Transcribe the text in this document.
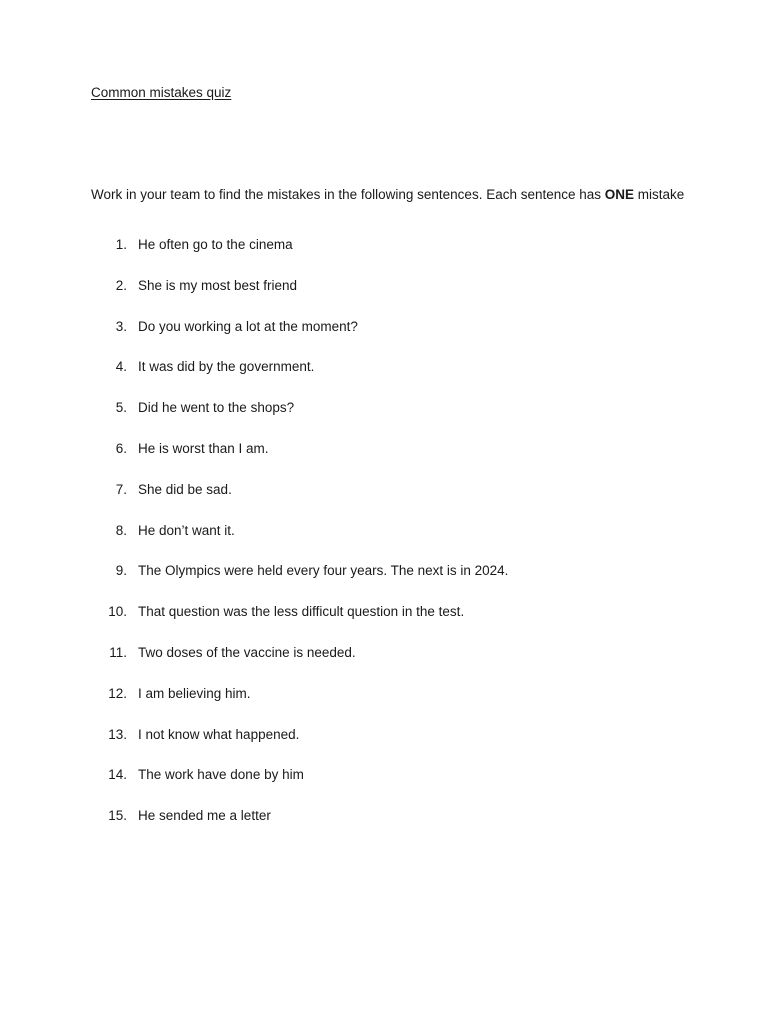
Common mistakes quiz
Work in your team to find the mistakes in the following sentences. Each sentence has ONE mistake
1. He often go to the cinema
2. She is my most best friend
3. Do you working a lot at the moment?
4. It was did by the government.
5. Did he went to the shops?
6. He is worst than I am.
7. She did be sad.
8. He don’t want it.
9. The Olympics were held every four years. The next is in 2024.
10. That question was the less difficult question in the test.
11. Two doses of the vaccine is needed.
12. I am believing him.
13. I not know what happened.
14. The work have done by him
15. He sended me a letter
